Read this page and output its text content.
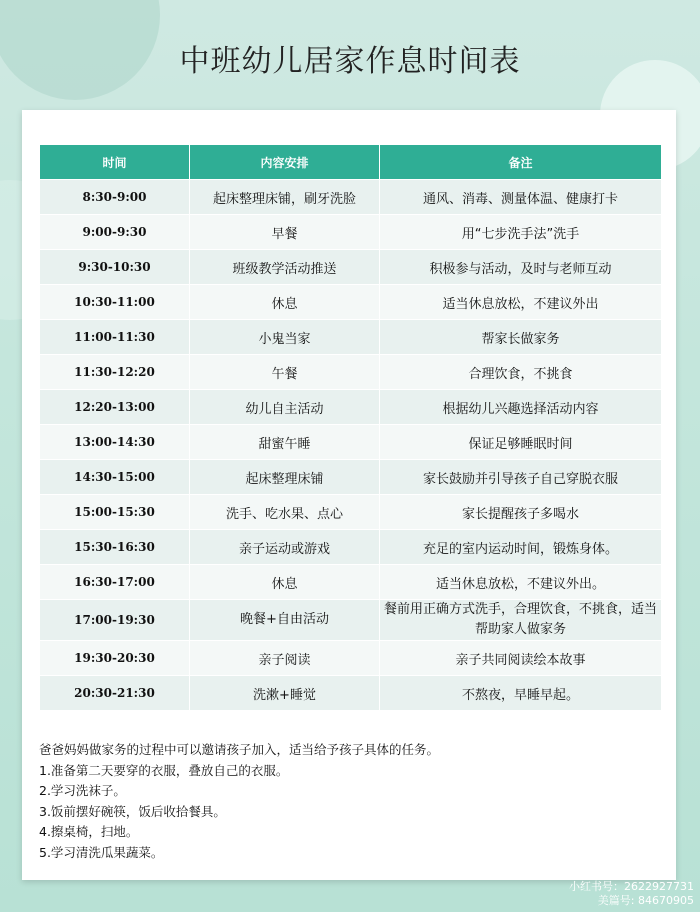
中班幼儿居家作息时间表
时间	内容安排	备注
8:30-9:00	起床整理床铺，刷牙洗脸	通风、消毒、测量体温、健康打卡
9:00-9:30	早餐	用“七步洗手法”洗手
9:30-10:30	班级教学活动推送	积极参与活动，及时与老师互动
10:30-11:00	休息	适当休息放松，不建议外出
11:00-11:30	小鬼当家	帮家长做家务
11:30-12:20	午餐	合理饮食，不挑食
12:20-13:00	幼儿自主活动	根据幼儿兴趣选择活动内容
13:00-14:30	甜蜜午睡	保证足够睡眠时间
14:30-15:00	起床整理床铺	家长鼓励并引导孩子自己穿脱衣服
15:00-15:30	洗手、吃水果、点心	家长提醒孩子多喝水
15:30-16:30	亲子运动或游戏	充足的室内运动时间，锻炼身体。
16:30-17:00	休息	适当休息放松，不建议外出。
17:00-19:30	晚餐+自由活动	餐前用正确方式洗手，合理饮食，不挑食，适当帮助家人做家务
19:30-20:30	亲子阅读	亲子共同阅读绘本故事
20:30-21:30	洗漱+睡觉	不熬夜，早睡早起。

爸爸妈妈做家务的过程中可以邀请孩子加入，适当给予孩子具体的任务。

1.准备第二天要穿的衣服，叠放自己的衣服。

2.学习洗袜子。

3.饭前摆好碗筷，饭后收拾餐具。

4.擦桌椅，扫地。

5.学习清洗瓜果蔬菜。

小红书号：2622927731
美篇号: 84670905
